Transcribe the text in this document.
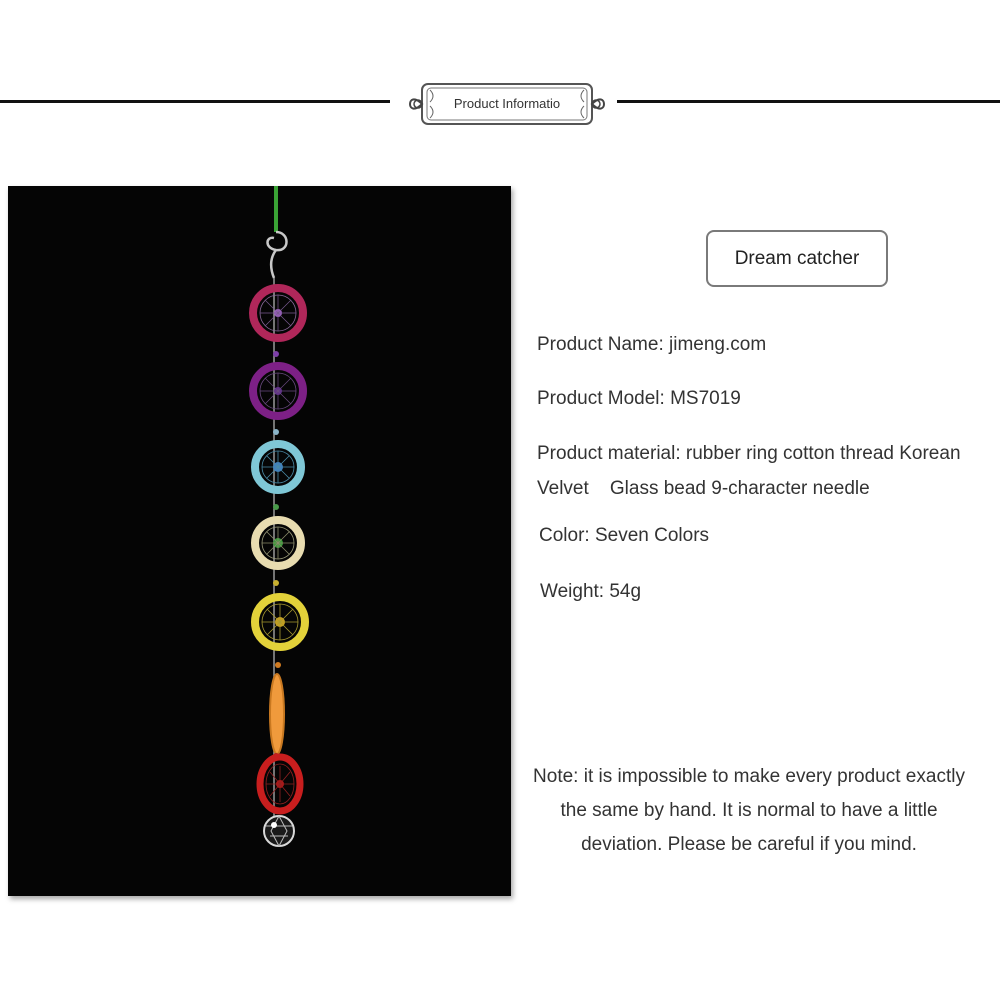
Product Informatio
Dream catcher
Product Name: jimeng.com
Product Model: MS7019
Product material: rubber ring cotton thread Korean
Velvet    Glass bead 9-character needle
Color: Seven Colors
Weight: 54g
Note: it is impossible to make every product exactly
the same by hand. It is normal to have a little
deviation. Please be careful if you mind.
